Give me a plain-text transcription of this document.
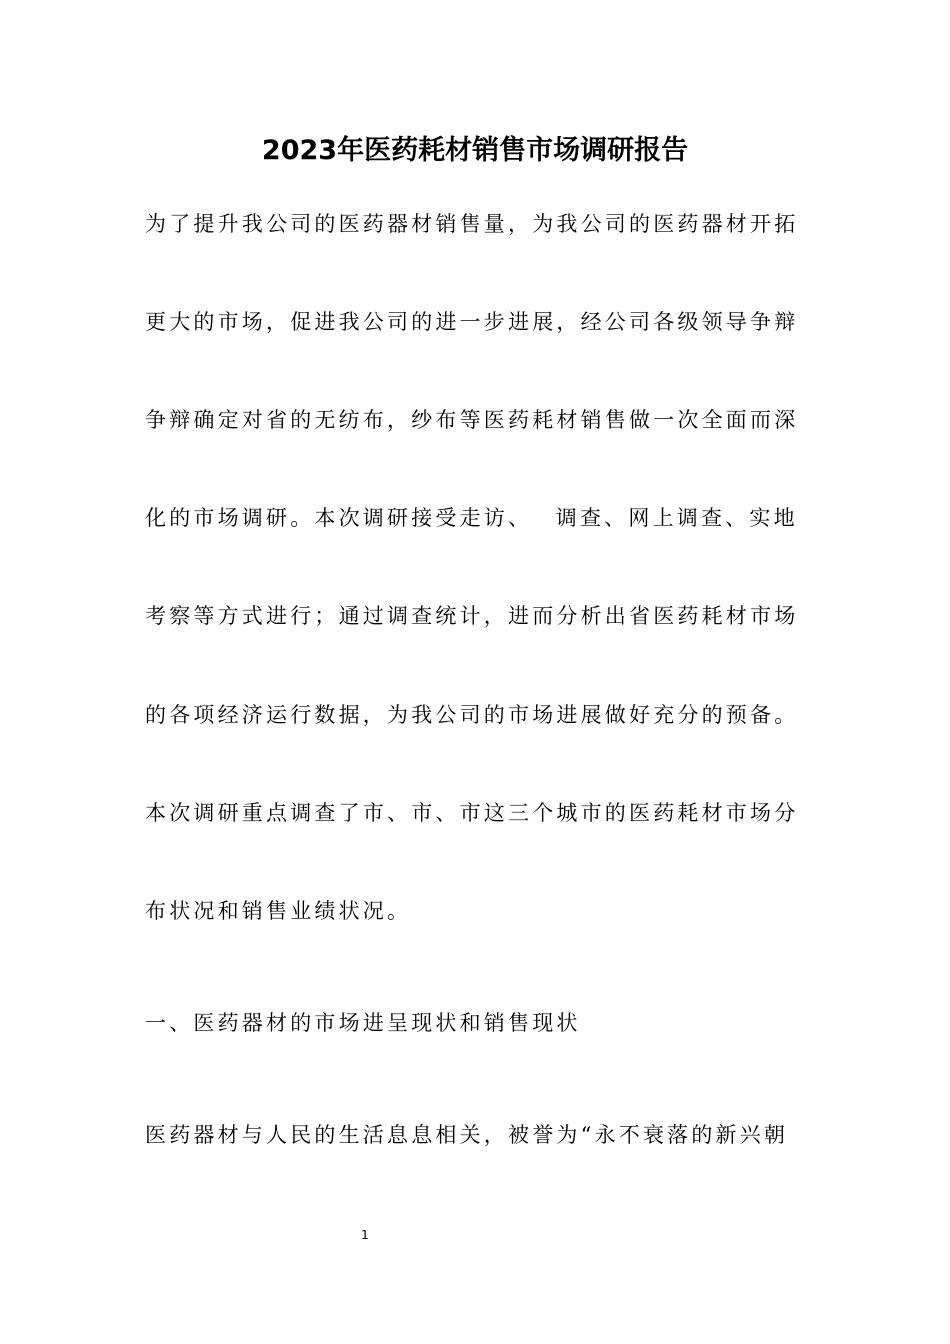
2023年医药耗材销售市场调研报告
为了提升我公司的医药器材销售量，为我公司的医药器材开拓
更大的市场，促进我公司的进一步进展，经公司各级领导争辩
争辩确定对省的无纺布，纱布等医药耗材销售做一次全面而深
化的市场调研。本次调研接受走访、　 调查、网上调查、实地
考察等方式进行；通过调查统计，进而分析出省医药耗材市场
的各项经济运行数据，为我公司的市场进展做好充分的预备。
本次调研重点调查了市、市、市这三个城市的医药耗材市场分
布状况和销售业绩状况。
一、医药器材的市场进呈现状和销售现状
医药器材与人民的生活息息相关，被誉为“永不衰落的新兴朝
1
